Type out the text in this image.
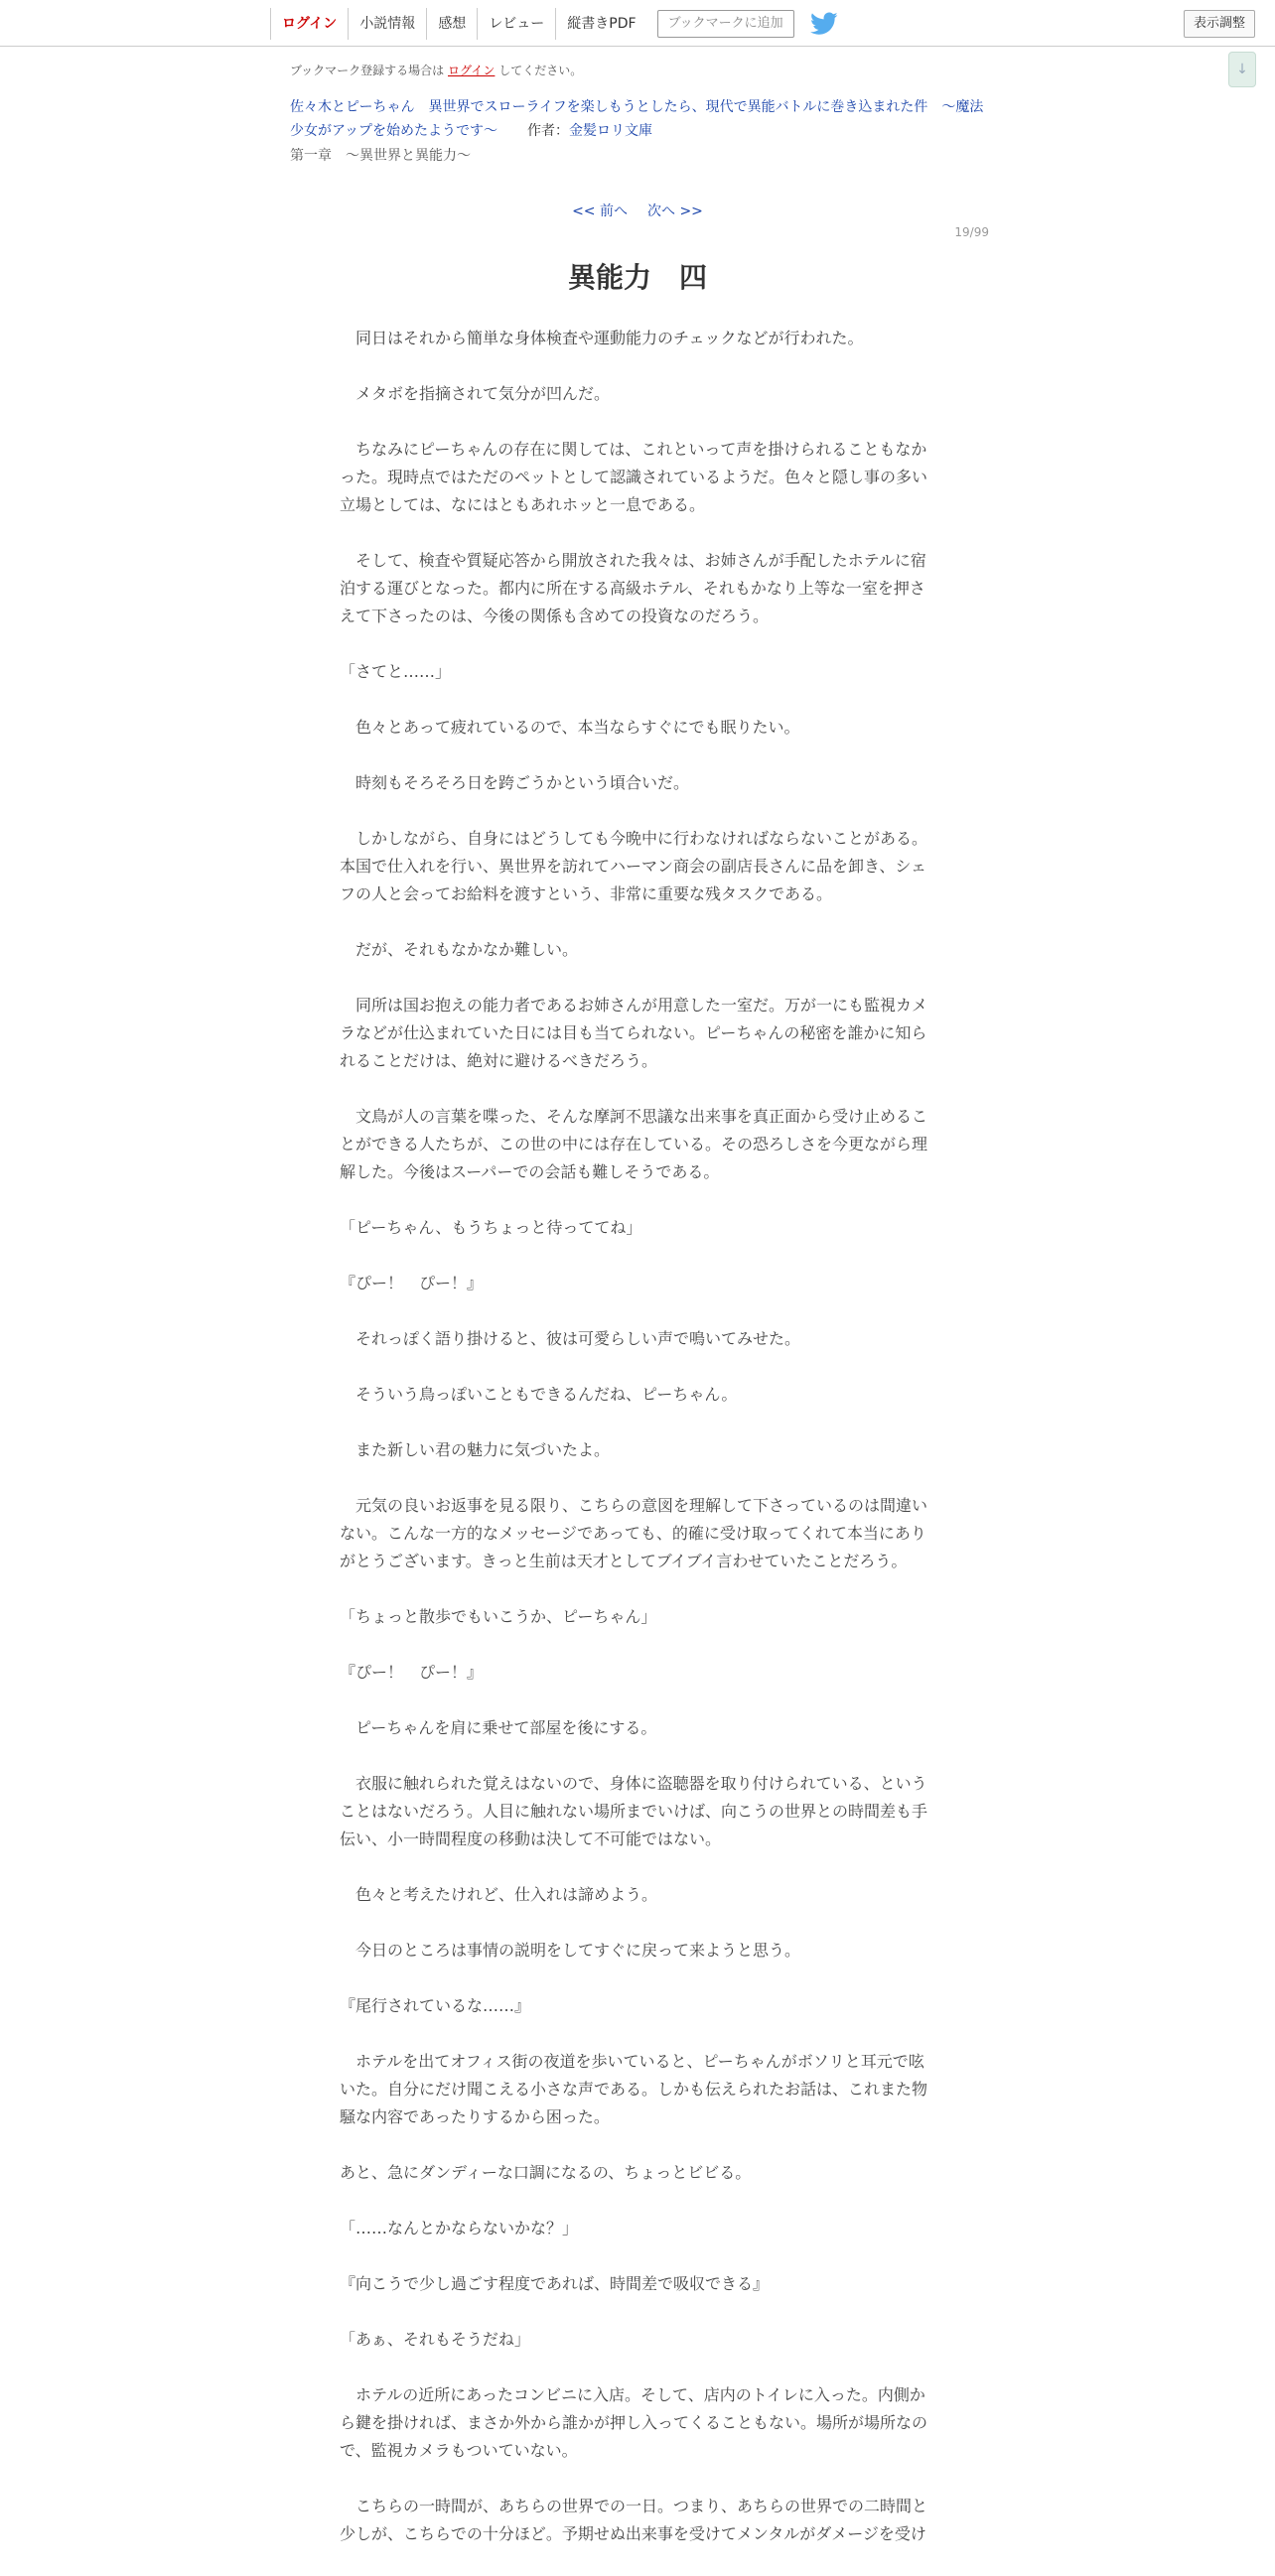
ログイン	小説情報	感想	レビュー	縦書きPDF	ブックマークに追加	表示調整
↓
ブックマーク登録する場合は ログイン してください。
佐々木とピーちゃん　異世界でスローライフを楽しもうとしたら、現代で異能バトルに巻き込まれた件　～魔法少女がアップを始めたようです～ 作者：金髪ロリ文庫
第一章　～異世界と異能力～
<< 前へ 次へ >>
19/99
異能力　四

　同日はそれから簡単な身体検査や運動能力のチェックなどが行われた。

　メタボを指摘されて気分が凹んだ。

　ちなみにピーちゃんの存在に関しては、これといって声を掛けられることもなかった。現時点ではただのペットとして認識されているようだ。色々と隠し事の多い立場としては、なにはともあれホッと一息である。

　そして、検査や質疑応答から開放された我々は、お姉さんが手配したホテルに宿泊する運びとなった。都内に所在する高級ホテル、それもかなり上等な一室を押さえて下さったのは、今後の関係も含めての投資なのだろう。

「さてと……」

　色々とあって疲れているので、本当ならすぐにでも眠りたい。

　時刻もそろそろ日を跨ごうかという頃合いだ。

　しかしながら、自身にはどうしても今晩中に行わなければならないことがある。本国で仕入れを行い、異世界を訪れてハーマン商会の副店長さんに品を卸き、シェフの人と会ってお給料を渡すという、非常に重要な残タスクである。

　だが、それもなかなか難しい。

　同所は国お抱えの能力者であるお姉さんが用意した一室だ。万が一にも監視カメラなどが仕込まれていた日には目も当てられない。ピーちゃんの秘密を誰かに知られることだけは、絶対に避けるべきだろう。

　文鳥が人の言葉を喋った、そんな摩訶不思議な出来事を真正面から受け止めることができる人たちが、この世の中には存在している。その恐ろしさを今更ながら理解した。今後はスーパーでの会話も難しそうである。

「ピーちゃん、もうちょっと待っててね」

『ぴー！　ぴー！』

　それっぽく語り掛けると、彼は可愛らしい声で鳴いてみせた。

　そういう鳥っぽいこともできるんだね、ピーちゃん。

　また新しい君の魅力に気づいたよ。

　元気の良いお返事を見る限り、こちらの意図を理解して下さっているのは間違いない。こんな一方的なメッセージであっても、的確に受け取ってくれて本当にありがとうございます。きっと生前は天才としてブイブイ言わせていたことだろう。

「ちょっと散歩でもいこうか、ピーちゃん」

『ぴー！　ぴー！』

　ピーちゃんを肩に乗せて部屋を後にする。

　衣服に触れられた覚えはないので、身体に盗聴器を取り付けられている、ということはないだろう。人目に触れない場所までいけば、向こうの世界との時間差も手伝い、小一時間程度の移動は決して不可能ではない。

　色々と考えたけれど、仕入れは諦めよう。

　今日のところは事情の説明をしてすぐに戻って来ようと思う。

『尾行されているな……』

　ホテルを出てオフィス街の夜道を歩いていると、ピーちゃんがボソリと耳元で呟いた。自分にだけ聞こえる小さな声である。しかも伝えられたお話は、これまた物騒な内容であったりするから困った。

あと、急にダンディーな口調になるの、ちょっとビビる。

「……なんとかならないかな？」

『向こうで少し過ごす程度であれば、時間差で吸収できる』

「あぁ、それもそうだね」

　ホテルの近所にあったコンビニに入店。そして、店内のトイレに入った。内側から鍵を掛ければ、まさか外から誰かが押し入ってくることもない。場所が場所なので、監視カメラもついていない。

　こちらの一時間が、あちらの世界での一日。つまり、あちらの世界での二時間と少しが、こちらでの十分ほど。予期せぬ出来事を受けてメンタルがダメージを受け
